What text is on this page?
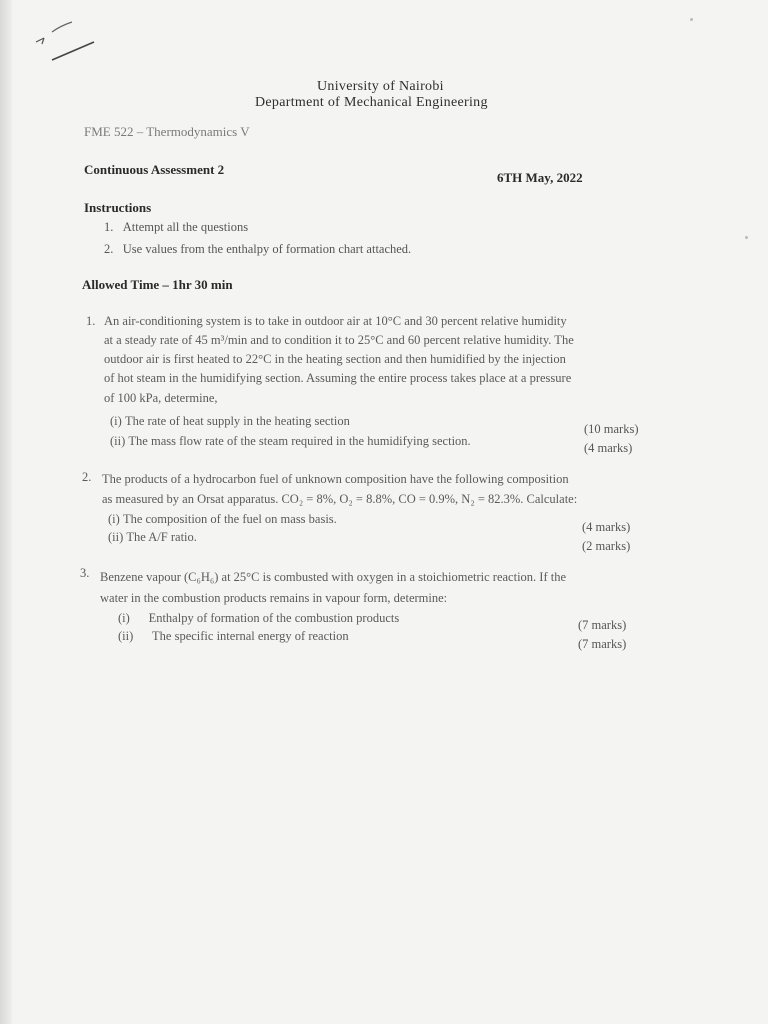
University of Nairobi
Department of Mechanical Engineering
FME 522 – Thermodynamics V
Continuous Assessment 2
6TH May, 2022
Instructions
1. Attempt all the questions
2. Use values from the enthalpy of formation chart attached.
Allowed Time – 1hr 30 min
1. An air-conditioning system is to take in outdoor air at 10°C and 30 percent relative humidity
at a steady rate of 45 m³/min and to condition it to 25°C and 60 percent relative humidity. The
outdoor air is first heated to 22°C in the heating section and then humidified by the injection
of hot steam in the humidifying section. Assuming the entire process takes place at a pressure
of 100 kPa, determine,
(i) The rate of heat supply in the heating section
(10 marks)
(ii) The mass flow rate of the steam required in the humidifying section.	(4 marks)
2. The products of a hydrocarbon fuel of unknown composition have the following composition
as measured by an Orsat apparatus. CO₂ = 8%, O₂ = 8.8%, CO = 0.9%, N₂ = 82.3%. Calculate:
(i) The composition of the fuel on mass basis.
(4 marks)
(ii) The A/F ratio.
(2 marks)
3. Benzene vapour (C₆H₆) at 25°C is combusted with oxygen in a stoichiometric reaction. If the
water in the combustion products remains in vapour form, determine:
(i) Enthalpy of formation of the combustion products	(7 marks)
(ii) The specific internal energy of reaction
(7 marks)
